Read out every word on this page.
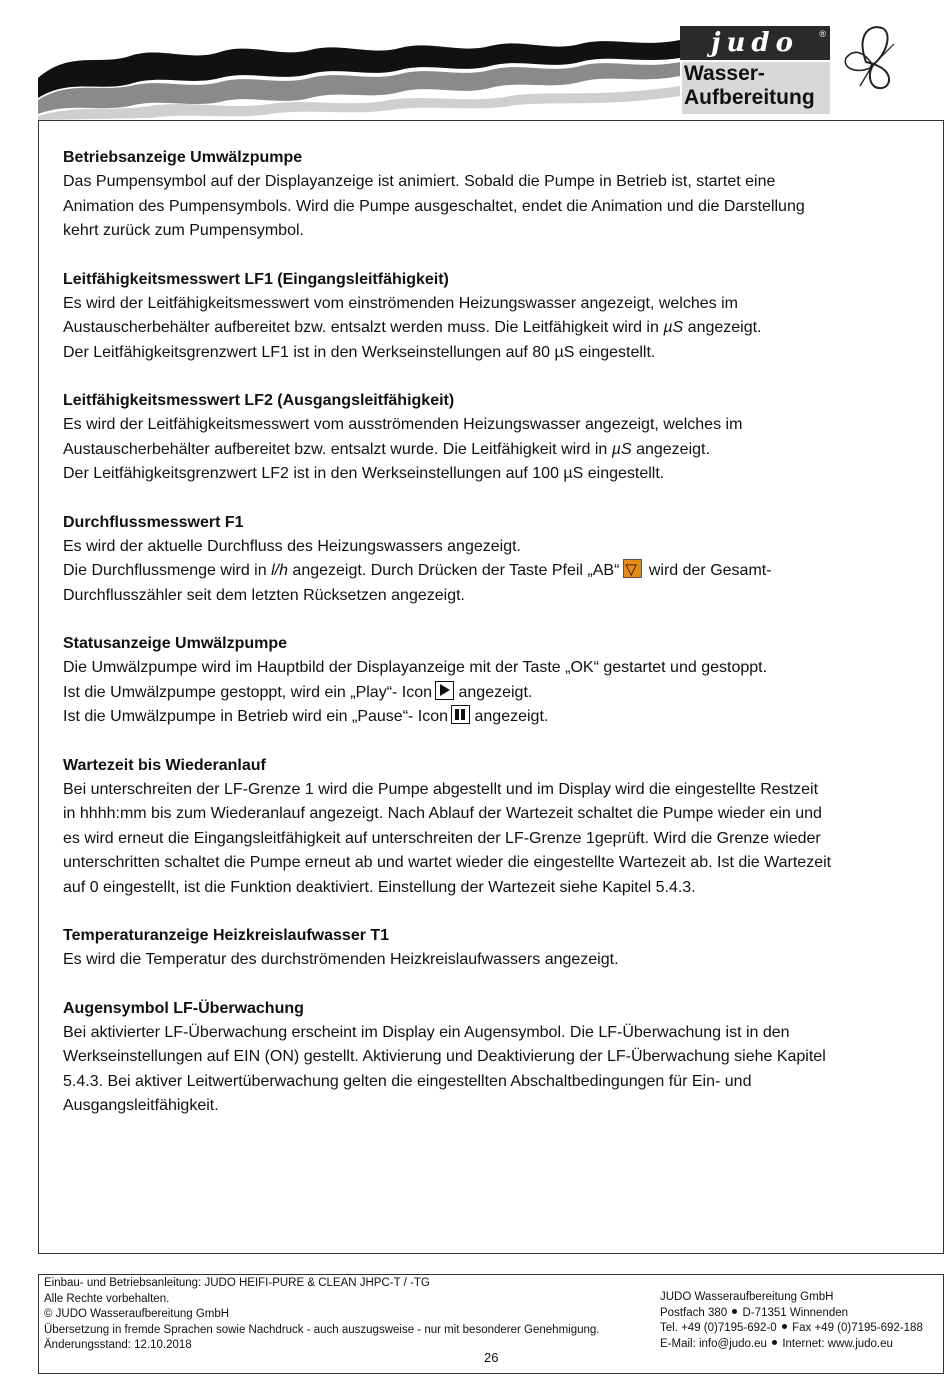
judo	®
Wasser-
Aufbereitung
Betriebsanzeige Umwälzpumpe

Das Pumpensymbol auf der Displayanzeige ist animiert. Sobald die Pumpe in Betrieb ist, startet eine
Animation des Pumpensymbols. Wird die Pumpe ausgeschaltet, endet die Animation und die Darstellung
kehrt zurück zum Pumpensymbol.

Leitfähigkeitsmesswert LF1 (Eingangsleitfähigkeit)

Es wird der Leitfähigkeitsmesswert vom einströmenden Heizungswasser angezeigt, welches im
Austauscherbehälter aufbereitet bzw. entsalzt werden muss. Die Leitfähigkeit wird in µS angezeigt.
Der Leitfähigkeitsgrenzwert LF1 ist in den Werkseinstellungen auf 80 µS eingestellt.

Leitfähigkeitsmesswert LF2 (Ausgangsleitfähigkeit)

Es wird der Leitfähigkeitsmesswert vom ausströmenden Heizungswasser angezeigt, welches im
Austauscherbehälter aufbereitet bzw. entsalzt wurde. Die Leitfähigkeit wird in µS angezeigt.
Der Leitfähigkeitsgrenzwert LF2 ist in den Werkseinstellungen auf 100 µS eingestellt.

Durchflussmesswert F1

Es wird der aktuelle Durchfluss des Heizungswassers angezeigt.
Die Durchflussmenge wird in l/h angezeigt. Durch Drücken der Taste Pfeil „AB“▽ wird der Gesamt-
Durchflusszähler seit dem letzten Rücksetzen angezeigt.

Statusanzeige Umwälzpumpe

Die Umwälzpumpe wird im Hauptbild der Displayanzeige mit der Taste „OK“ gestartet und gestoppt.
Ist die Umwälzpumpe gestoppt, wird ein „Play“- Icon angezeigt.
Ist die Umwälzpumpe in Betrieb wird ein „Pause“- Icon angezeigt.

Wartezeit bis Wiederanlauf

Bei unterschreiten der LF-Grenze 1 wird die Pumpe abgestellt und im Display wird die eingestellte Restzeit
in hhhh:mm bis zum Wiederanlauf angezeigt. Nach Ablauf der Wartezeit schaltet die Pumpe wieder ein und
es wird erneut die Eingangsleitfähigkeit auf unterschreiten der LF-Grenze 1geprüft. Wird die Grenze wieder
unterschritten schaltet die Pumpe erneut ab und wartet wieder die eingestellte Wartezeit ab. Ist die Wartezeit
auf 0 eingestellt, ist die Funktion deaktiviert. Einstellung der Wartezeit siehe Kapitel 5.4.3.

Temperaturanzeige Heizkreislaufwasser T1

Es wird die Temperatur des durchströmenden Heizkreislaufwassers angezeigt.

Augensymbol LF-Überwachung

Bei aktivierter LF-Überwachung erscheint im Display ein Augensymbol. Die LF-Überwachung ist in den
Werkseinstellungen auf EIN (ON) gestellt. Aktivierung und Deaktivierung der LF-Überwachung siehe Kapitel
5.4.3. Bei aktiver Leitwertüberwachung gelten die eingestellten Abschaltbedingungen für Ein- und
Ausgangsleitfähigkeit.

Einbau- und Betriebsanleitung: JUDO HEIFI-PURE & CLEAN JHPC-T / -TG
Alle Rechte vorbehalten.
© JUDO Wasseraufbereitung GmbH
Übersetzung in fremde Sprachen sowie Nachdruck - auch auszugsweise - nur mit besonderer Genehmigung.
Änderungsstand: 12.10.2018
JUDO Wasseraufbereitung GmbH
Postfach 380 D-71351 Winnenden
Tel. +49 (0)7195-692-0 Fax +49 (0)7195-692-188
E-Mail: info@judo.eu Internet: www.judo.eu
26
